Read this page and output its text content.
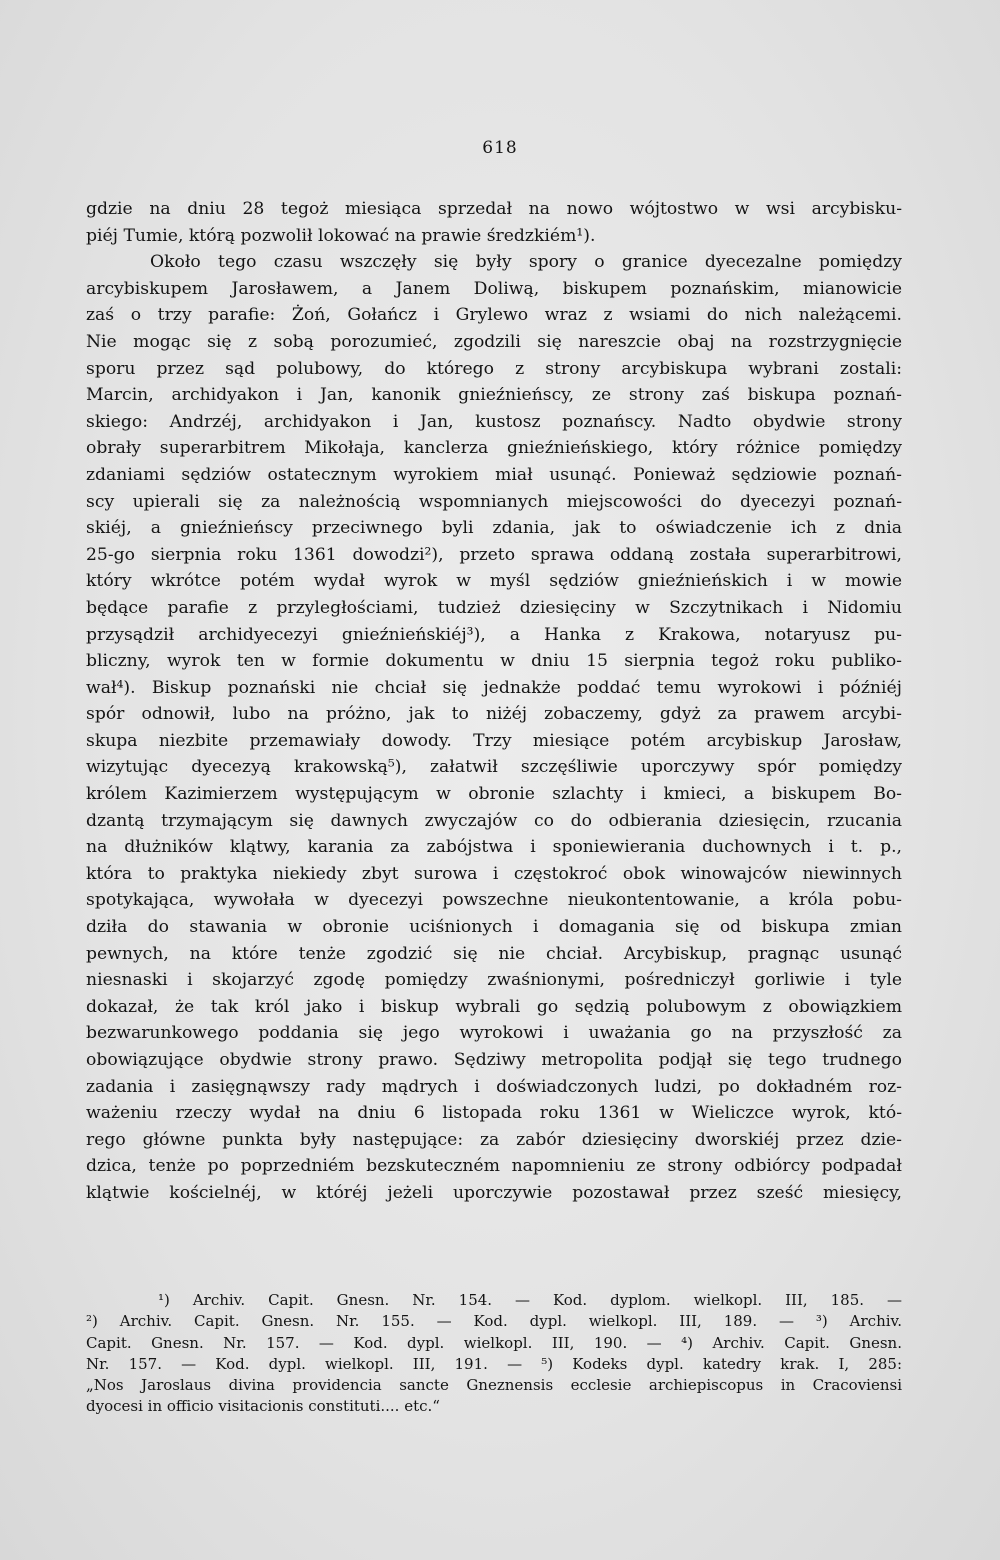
618
gdzie na dniu 28 tegoż miesiąca sprzedał na nowo wójtostwo w wsi arcybisku-
piéj Tumie, którą pozwolił lokować na prawie średzkiém¹).
Około tego czasu wszczęły się były spory o granice dyecezalne pomiędzy
arcybiskupem Jarosławem, a Janem Doliwą, biskupem poznańskim, mianowicie
zaś o trzy parafie: Żoń, Gołańcz i Grylewo wraz z wsiami do nich należącemi.
Nie mogąc się z sobą porozumieć, zgodzili się nareszcie obaj na rozstrzygnięcie
sporu przez sąd polubowy, do którego z strony arcybiskupa wybrani zostali:
Marcin, archidyakon i Jan, kanonik gnieźnieńscy, ze strony zaś biskupa poznań-
skiego: Andrzéj, archidyakon i Jan, kustosz poznańscy. Nadto obydwie strony
obrały superarbitrem Mikołaja, kanclerza gnieźnieńskiego, który różnice pomiędzy
zdaniami sędziów ostatecznym wyrokiem miał usunąć. Ponieważ sędziowie poznań-
scy upierali się za należnością wspomnianych miejscowości do dyecezyi poznań-
skiéj, a gnieźnieńscy przeciwnego byli zdania, jak to oświadczenie ich z dnia
25-go sierpnia roku 1361 dowodzi²), przeto sprawa oddaną została superarbitrowi,
który wkrótce potém wydał wyrok w myśl sędziów gnieźnieńskich i w mowie
będące parafie z przyległościami, tudzież dziesięciny w Szczytnikach i Nidomiu
przysądził archidyecezyi gnieźnieńskiéj³), a Hanka z Krakowa, notaryusz pu-
bliczny, wyrok ten w formie dokumentu w dniu 15 sierpnia tegoż roku publiko-
wał⁴). Biskup poznański nie chciał się jednakże poddać temu wyrokowi i późniéj
spór odnowił, lubo na próżno, jak to niżéj zobaczemy, gdyż za prawem arcybi-
skupa niezbite przemawiały dowody. Trzy miesiące potém arcybiskup Jarosław,
wizytując dyecezyą krakowską⁵), załatwił szczęśliwie uporczywy spór pomiędzy
królem Kazimierzem występującym w obronie szlachty i kmieci, a biskupem Bo-
dzantą trzymającym się dawnych zwyczajów co do odbierania dziesięcin, rzucania
na dłużników klątwy, karania za zabójstwa i sponiewierania duchownych i t. p.,
która to praktyka niekiedy zbyt surowa i częstokroć obok winowajców niewinnych
spotykająca, wywołała w dyecezyi powszechne nieukontentowanie, a króla pobu-
dziła do stawania w obronie uciśnionych i domagania się od biskupa zmian
pewnych, na które tenże zgodzić się nie chciał. Arcybiskup, pragnąc usunąć
niesnaski i skojarzyć zgodę pomiędzy zwaśnionymi, pośredniczył gorliwie i tyle
dokazał, że tak król jako i biskup wybrali go sędzią polubowym z obowiązkiem
bezwarunkowego poddania się jego wyrokowi i uważania go na przyszłość za
obowiązujące obydwie strony prawo. Sędziwy metropolita podjął się tego trudnego
zadania i zasięgnąwszy rady mądrych i doświadczonych ludzi, po dokładném roz-
ważeniu rzeczy wydał na dniu 6 listopada roku 1361 w Wieliczce wyrok, któ-
rego główne punkta były następujące: za zabór dziesięciny dworskiéj przez dzie-
dzica, tenże po poprzedniém bezskuteczném napomnieniu ze strony odbiórcy podpadał
klątwie kościelnéj, w któréj jeżeli uporczywie pozostawał przez sześć miesięcy,
¹) Archiv. Capit. Gnesn. Nr. 154. — Kod. dyplom. wielkopl. III, 185. —
²) Archiv. Capit. Gnesn. Nr. 155. — Kod. dypl. wielkopl. III, 189. — ³) Archiv.
Capit. Gnesn. Nr. 157. — Kod. dypl. wielkopl. III, 190. — ⁴) Archiv. Capit. Gnesn.
Nr. 157. — Kod. dypl. wielkopl. III, 191. — ⁵) Kodeks dypl. katedry krak. I, 285:
„Nos Jaroslaus divina providencia sancte Gneznensis ecclesie archiepiscopus in Cracoviensi
dyocesi in officio visitacionis constituti.... etc.“
